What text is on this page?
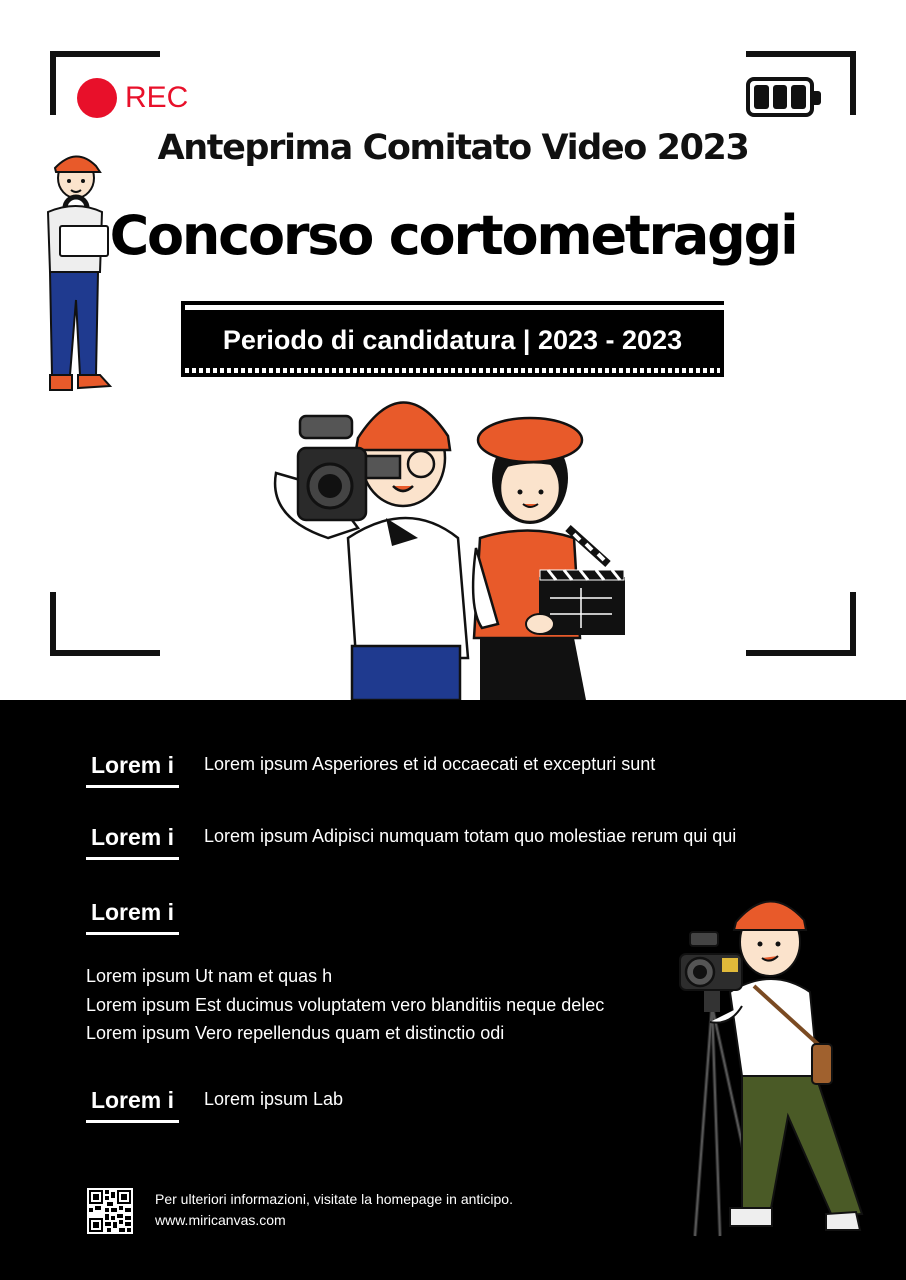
REC
Anteprima Comitato Video 2023
Concorso cortometraggi
Periodo di candidatura | 2023 - 2023
Lorem i Lorem ipsum Asperiores et id occaecati et excepturi sunt
Lorem i Lorem ipsum Adipisci numquam totam quo molestiae rerum qui qui
Lorem i
Lorem ipsum Ut nam et quas h
Lorem ipsum Est ducimus voluptatem vero blanditiis neque delec
Lorem ipsum Vero repellendus quam et distinctio odi
Lorem i Lorem ipsum Lab
Per ulteriori informazioni, visitate la homepage in anticipo.
www.miricanvas.com
